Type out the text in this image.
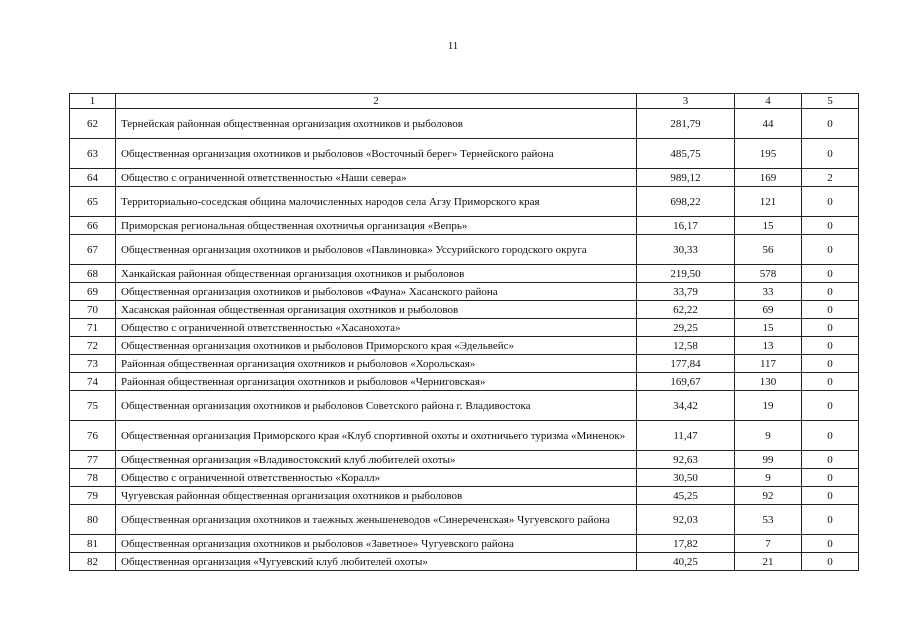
11
1	2	3	4	5
62	Тернейская районная общественная организация охотников и рыболовов	281,79	44	0
63	Общественная организация охотников и рыболовов «Восточный берег» Тернейского района	485,75	195	0
64	Общество с ограниченной ответственностью «Наши севера»	989,12	169	2
65	Территориально-соседская община малочисленных народов села Агзу Приморского края	698,22	121	0
66	Приморская региональная общественная охотничья организация «Вепрь»	16,17	15	0
67	Общественная организация охотников и рыболовов «Павлиновка» Уссурийского городского округа	30,33	56	0
68	Ханкайская районная общественная организация охотников и рыболовов	219,50	578	0
69	Общественная организация охотников и рыболовов «Фауна» Хасанского района	33,79	33	0
70	Хасанская районная общественная организация охотников и рыболовов	62,22	69	0
71	Общество с ограниченной ответственностью «Хасанохота»	29,25	15	0
72	Общественная организация охотников и рыболовов Приморского края «Эдельвейс»	12,58	13	0
73	Районная общественная организация охотников и рыболовов «Хорольская»	177,84	117	0
74	Районная общественная организация охотников и рыболовов «Черниговская»	169,67	130	0
75	Общественная организация охотников и рыболовов Советского района г. Владивостока	34,42	19	0
76	Общественная организация Приморского края «Клуб спортивной охоты и охотничьего туризма «Миненок»	11,47	9	0
77	Общественная организация «Владивостокский клуб любителей охоты»	92,63	99	0
78	Общество с ограниченной ответственностью «Коралл»	30,50	9	0
79	Чугуевская районная общественная организация охотников и рыболовов	45,25	92	0
80	Общественная организация охотников и таежных женьшеневодов «Синереченская» Чугуевского района	92,03	53	0
81	Общественная организация охотников и рыболовов «Заветное» Чугуевского района	17,82	7	0
82	Общественная организация «Чугуевский клуб любителей охоты»	40,25	21	0
